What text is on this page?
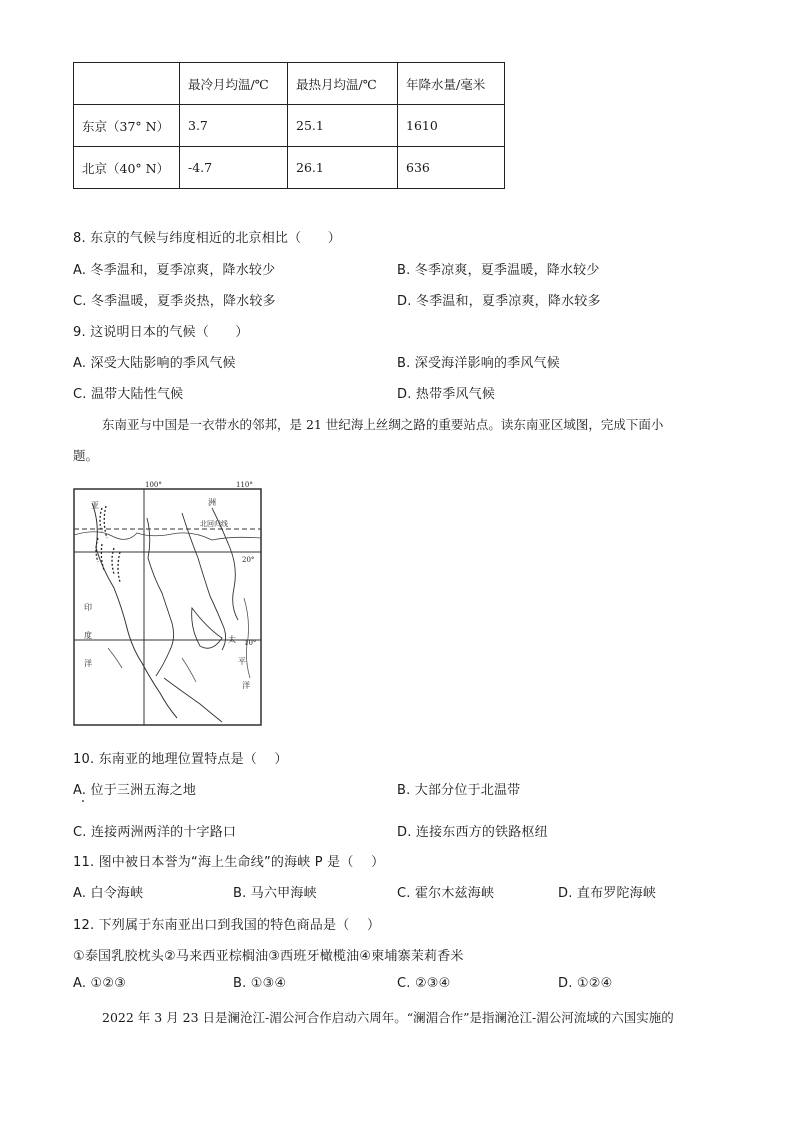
	最冷月均温/℃	最热月均温/℃	年降水量/毫米
东京（37° N）	3.7	25.1	1610
北京（40° N）	-4.7	26.1	636
8. 东京的气候与纬度相近的北京相比（　　）
A. 冬季温和，夏季凉爽，降水较少	B. 冬季凉爽，夏季温暖，降水较少
C. 冬季温暖，夏季炎热，降水较多	D. 冬季温和，夏季凉爽，降水较多
9. 这说明日本的气候（　　）
A. 深受大陆影响的季风气候	B. 深受海洋影响的季风气候
C. 温带大陆性气候	D. 热带季风气候
东南亚与中国是一衣带水的邻邦，是 21 世纪海上丝绸之路的重要站点。读东南亚区域图，完成下面小
题。
100°	110°
20°
10°
北回归线
洲
亚
印
度
洋
太
平
洋
10. 东南亚的地理位置特点是（　 ）
A. 位于三洲五海之地	B. 大部分位于北温带
C. 连接两洲两洋的十字路口	D. 连接东西方的铁路枢纽
11. 图中被日本誉为“海上生命线”的海峡 P 是（　 ）
A. 白令海峡	B. 马六甲海峡	C. 霍尔木兹海峡	D. 直布罗陀海峡
12. 下列属于东南亚出口到我国的特色商品是（　 ）
①泰国乳胶枕头②马来西亚棕榈油③西班牙橄榄油④柬埔寨茉莉香米
A. ①②③	B. ①③④	C. ②③④	D. ①②④
2022 年 3 月 23 日是澜沧江-湄公河合作启动六周年。“澜湄合作”是指澜沧江-湄公河流域的六国实施的
